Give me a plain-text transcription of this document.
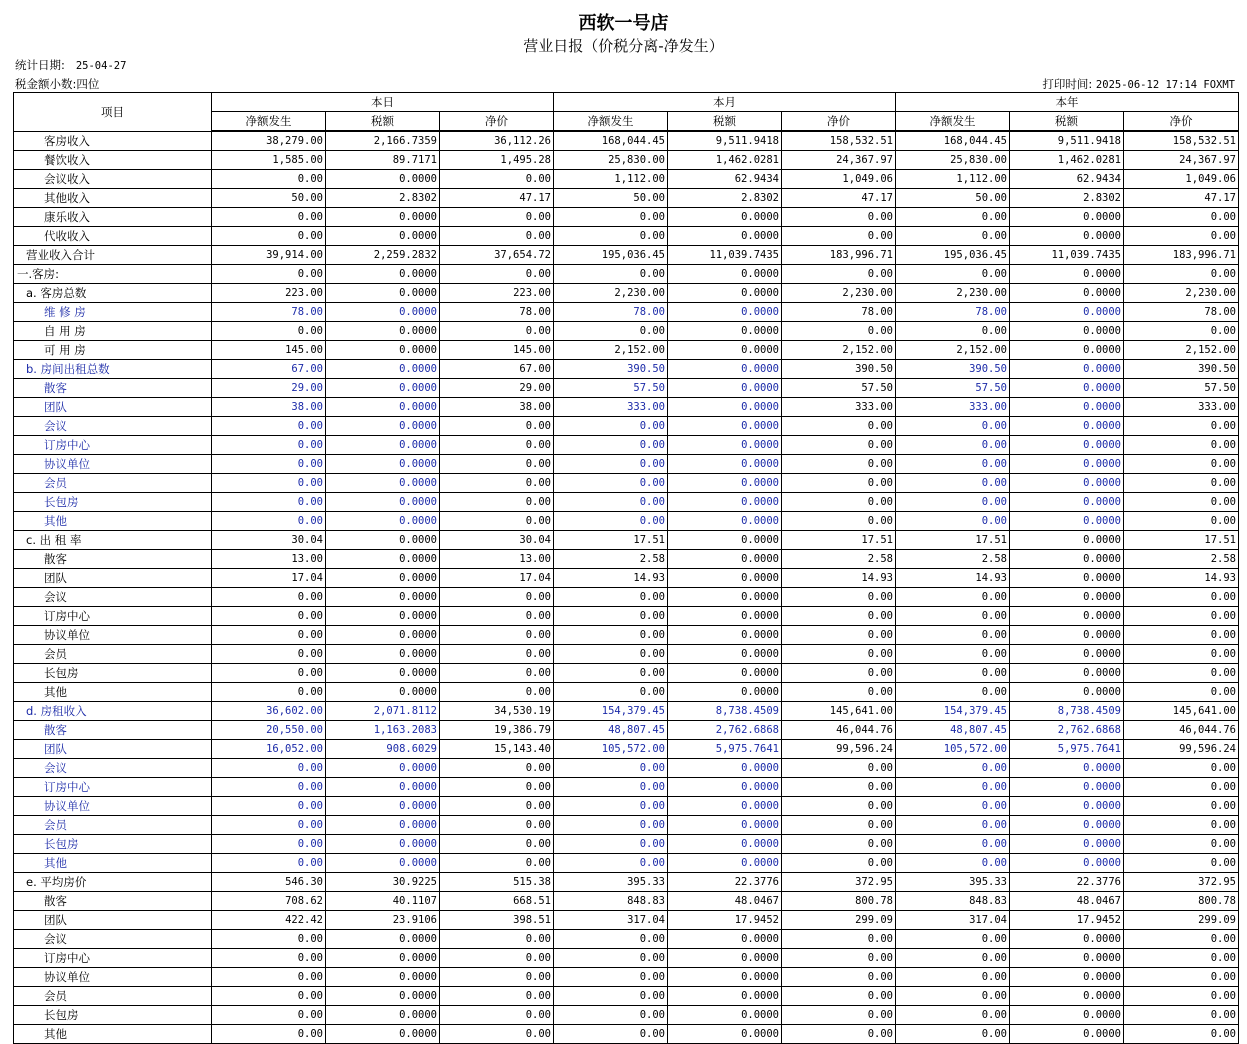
西软一号店
营业日报（价税分离-净发生）
统计日期: 25-04-27
税金额小数:四位	打印时间: 2025-06-12 17:14 FOXMT
项目	本日			本月			本年		
	净额发生	税额	净价	净额发生	税额	净价	净额发生	税额	净价
客房收入	38,279.00	2,166.7359	36,112.26	168,044.45	9,511.9418	158,532.51	168,044.45	9,511.9418	158,532.51
餐饮收入	1,585.00	89.7171	1,495.28	25,830.00	1,462.0281	24,367.97	25,830.00	1,462.0281	24,367.97
会议收入	0.00	0.0000	0.00	1,112.00	62.9434	1,049.06	1,112.00	62.9434	1,049.06
其他收入	50.00	2.8302	47.17	50.00	2.8302	47.17	50.00	2.8302	47.17
康乐收入	0.00	0.0000	0.00	0.00	0.0000	0.00	0.00	0.0000	0.00
代收收入	0.00	0.0000	0.00	0.00	0.0000	0.00	0.00	0.0000	0.00
营业收入合计	39,914.00	2,259.2832	37,654.72	195,036.45	11,039.7435	183,996.71	195,036.45	11,039.7435	183,996.71
一.客房:	0.00	0.0000	0.00	0.00	0.0000	0.00	0.00	0.0000	0.00
a. 客房总数	223.00	0.0000	223.00	2,230.00	0.0000	2,230.00	2,230.00	0.0000	2,230.00
维 修 房	78.00	0.0000	78.00	78.00	0.0000	78.00	78.00	0.0000	78.00
自 用 房	0.00	0.0000	0.00	0.00	0.0000	0.00	0.00	0.0000	0.00
可 用 房	145.00	0.0000	145.00	2,152.00	0.0000	2,152.00	2,152.00	0.0000	2,152.00
b. 房间出租总数	67.00	0.0000	67.00	390.50	0.0000	390.50	390.50	0.0000	390.50
散客	29.00	0.0000	29.00	57.50	0.0000	57.50	57.50	0.0000	57.50
团队	38.00	0.0000	38.00	333.00	0.0000	333.00	333.00	0.0000	333.00
会议	0.00	0.0000	0.00	0.00	0.0000	0.00	0.00	0.0000	0.00
订房中心	0.00	0.0000	0.00	0.00	0.0000	0.00	0.00	0.0000	0.00
协议单位	0.00	0.0000	0.00	0.00	0.0000	0.00	0.00	0.0000	0.00
会员	0.00	0.0000	0.00	0.00	0.0000	0.00	0.00	0.0000	0.00
长包房	0.00	0.0000	0.00	0.00	0.0000	0.00	0.00	0.0000	0.00
其他	0.00	0.0000	0.00	0.00	0.0000	0.00	0.00	0.0000	0.00
c. 出 租 率	30.04	0.0000	30.04	17.51	0.0000	17.51	17.51	0.0000	17.51
散客	13.00	0.0000	13.00	2.58	0.0000	2.58	2.58	0.0000	2.58
团队	17.04	0.0000	17.04	14.93	0.0000	14.93	14.93	0.0000	14.93
会议	0.00	0.0000	0.00	0.00	0.0000	0.00	0.00	0.0000	0.00
订房中心	0.00	0.0000	0.00	0.00	0.0000	0.00	0.00	0.0000	0.00
协议单位	0.00	0.0000	0.00	0.00	0.0000	0.00	0.00	0.0000	0.00
会员	0.00	0.0000	0.00	0.00	0.0000	0.00	0.00	0.0000	0.00
长包房	0.00	0.0000	0.00	0.00	0.0000	0.00	0.00	0.0000	0.00
其他	0.00	0.0000	0.00	0.00	0.0000	0.00	0.00	0.0000	0.00
d. 房租收入	36,602.00	2,071.8112	34,530.19	154,379.45	8,738.4509	145,641.00	154,379.45	8,738.4509	145,641.00
散客	20,550.00	1,163.2083	19,386.79	48,807.45	2,762.6868	46,044.76	48,807.45	2,762.6868	46,044.76
团队	16,052.00	908.6029	15,143.40	105,572.00	5,975.7641	99,596.24	105,572.00	5,975.7641	99,596.24
会议	0.00	0.0000	0.00	0.00	0.0000	0.00	0.00	0.0000	0.00
订房中心	0.00	0.0000	0.00	0.00	0.0000	0.00	0.00	0.0000	0.00
协议单位	0.00	0.0000	0.00	0.00	0.0000	0.00	0.00	0.0000	0.00
会员	0.00	0.0000	0.00	0.00	0.0000	0.00	0.00	0.0000	0.00
长包房	0.00	0.0000	0.00	0.00	0.0000	0.00	0.00	0.0000	0.00
其他	0.00	0.0000	0.00	0.00	0.0000	0.00	0.00	0.0000	0.00
e. 平均房价	546.30	30.9225	515.38	395.33	22.3776	372.95	395.33	22.3776	372.95
散客	708.62	40.1107	668.51	848.83	48.0467	800.78	848.83	48.0467	800.78
团队	422.42	23.9106	398.51	317.04	17.9452	299.09	317.04	17.9452	299.09
会议	0.00	0.0000	0.00	0.00	0.0000	0.00	0.00	0.0000	0.00
订房中心	0.00	0.0000	0.00	0.00	0.0000	0.00	0.00	0.0000	0.00
协议单位	0.00	0.0000	0.00	0.00	0.0000	0.00	0.00	0.0000	0.00
会员	0.00	0.0000	0.00	0.00	0.0000	0.00	0.00	0.0000	0.00
长包房	0.00	0.0000	0.00	0.00	0.0000	0.00	0.00	0.0000	0.00
其他	0.00	0.0000	0.00	0.00	0.0000	0.00	0.00	0.0000	0.00
